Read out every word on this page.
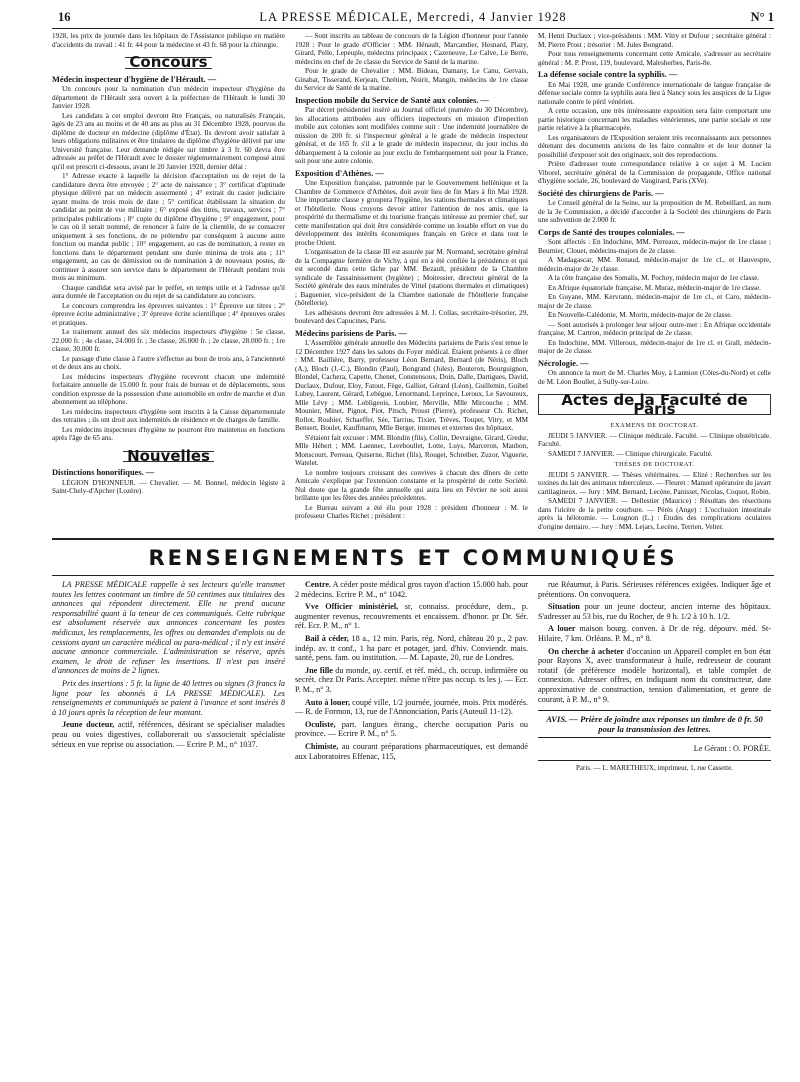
16	LA PRESSE MÉDICALE, Mercredi, 4 Janvier 1928	N° 1

1928, les prix de journée dans les hôpitaux de l'Assistance publique en matière d'accidents du travail : 41 fr. 44 pour la médecine et 43 fr. 68 pour la chirurgie.

Concours
Médecin inspecteur d'hygiène de l'Hérault. —

Un concours pour la nomination d'un médecin inspecteur d'hygiène du département de l'Hérault sera ouvert à la préfecture de l'Hérault le lundi 30 Janvier 1928.

Les candidats à cet emploi devront être Français, ou naturalisés Français, âgés de 23 ans au moins et de 40 ans au plus au 31 Décembre 1928, pourvus du diplôme de docteur en médecine (diplôme d'État). Ils devront avoir satisfait à leurs obligations militaires et être titulaires du diplôme d'hygiène délivré par une Université française. Leur demande rédigée sur timbre à 3 fr. 60 devra être adressée au préfet de l'Hérault avec le dossier réglementairement composé ainsi qu'il est prescrit ci-dessous, avant le 20 Janvier 1928, dernier délai :

1° Adresse exacte à laquelle la décision d'acceptation ou de rejet de la candidature devra être envoyée ; 2° acte de naissance ; 3° certificat d'aptitude physique délivré par un médecin assermenté ; 4° extrait du casier judiciaire ayant moins de trois mois de date ; 5° certificat établissant la situation du candidat au point de vue militaire ; 6° exposé des titres, travaux, services ; 7° principales publications ; 8° copie du diplôme d'hygiène ; 9° engagement, pour le cas où il serait nommé, de renoncer à faire de la clientèle, de se consacrer uniquement à ses fonctions, de ne prétendre par conséquent à aucune autre fonction ou mandat public ; 10° engagement, au cas de nomination, à rester en fonctions dans le département pendant une durée minima de trois ans ; 11° engagement, au cas de démission ou de nomination à de nouveaux postes, de continuer à assurer son service dans le département de l'Hérault pendant trois mois au minimum.

Chaque candidat sera avisé par le préfet, en temps utile et à l'adresse qu'il aura donnée de l'acceptation ou du rejet de sa candidature au concours.

Le concours comprendra les épreuves suivantes : 1° Épreuve sur titres ; 2° épreuve écrite administrative ; 3° épreuve écrite scientifique ; 4° épreuves orales et pratiques.

Le traitement annuel des six médecins inspecteurs d'hygiène : 5e classe, 22.000 fr. ; 4e classe, 24.000 fr. ; 3e classe, 26.000 fr. ; 2e classe, 28.000 fr. ; 1re classe, 30.000 fr.

Le passage d'une classe à l'autre s'effectue au bout de trois ans, à l'ancienneté et de deux ans au choix.

Les médecins inspecteurs d'hygiène recevront chacun une indemnité forfaitaire annuelle de 15.000 fr. pour frais de bureau et de déplacements, sous condition expresse de la possession d'une automobile en ordre de marche et d'un abonnement au téléphone.

Les médecins inspecteurs d'hygiène sont inscrits à la Caisse départementale des retraites ; ils ont droit aux indemnités de résidence et de charges de famille.

Les médecins inspecteurs d'hygiène ne pourront être maintenus en fonctions après l'âge de 65 ans.

Nouvelles
Distinctions honorifiques. —

LÉGION D'HONNEUR. — Chevalier. — M. Bonnel, médecin légiste à Saint-Chely-d'Apcher (Lozère).

— Sont inscrits au tableau de concours de la Légion d'honneur pour l'année 1928 : Pour le grade d'Officier : MM. Hénault, Marcandier, Hesnard, Plazy, Girard, Pelle, Lepeuple, médecins principaux ; Cazeneuve, Le Calve, Le Berre, médecins en chef de 2e classe du Service de Santé de la marine.

Pour le grade de Chevalier : MM. Bideau, Damany, Le Canu, Gervais, Ginabat, Tisserand, Kerjean, Chrétien, Noirit, Mangin, médecins de 1re classe du Service de Santé de la marine.

Inspection mobile du Service de Santé aux colonies. —

Par décret présidentiel inséré au Journal officiel (numéro du 30 Décembre), les allocations attribuées aux officiers inspecteurs en mission d'inspection mobile aux colonies sont modifiées comme suit : Une indemnité journalière de mission de 200 fr. si l'inspecteur général a le grade de médecin inspecteur général, et de 165 fr. s'il a le grade de médecin inspecteur, du jour inclus du débarquement à la colonie au jour exclu de l'embarquement soit pour la France, soit pour une autre colonie.

Exposition d'Athènes. —

Une Exposition française, patronnée par le Gouvernement hellénique et la Chambre de Commerce d'Athènes, doit avoir lieu de fin Mars à fin Mai 1928. Une importante classe y groupera l'hygiène, les stations thermales et climatiques et l'hôtellerie. Nous croyons devoir attirer l'attention de nos amis, que la prospérité du thermalisme et du tourisme français intéresse au premier chef, sur cette manifestation qui doit être considérée comme un louable effort en vue du développement des intérêts économiques français en Grèce et dans tout le proche Orient.

L'organisation de la classe III est assurée par M. Normand, secrétaire général de la Compagnie fermière de Vichy, à qui en a été confiée la présidence et qui est secondé dans cette tâche par MM. Bezault, président de la Chambre syndicale de l'assainissement (hygiène) ; Moitessier, directeur général de la Société générale des eaux minérales de Vittel (stations thermales et climatiques) ; Baguenier, vice-président de la Chambre nationale de l'hôtellerie française (hôtellerie).

Les adhésions devront être adressées à M. J. Collas, secrétaire-trésorier, 29, boulevard des Capucines, Paris.

Médecins parisiens de Paris. —

L'Assemblée générale annuelle des Médecins parisiens de Paris s'est tenue le 12 Décembre 1927 dans les salons du Foyer médical. Étaient présents à ce dîner : MM. Baillière, Barry, professeur Léon Bernard, Bernard (de Néris), Bloch (A.), Bloch (J.-C.), Blondin (Paul), Bongrand (Jules), Bouteron, Bourguignon, Blondel, Cachera, Capette, Chenet, Constensoux, Doin, Dalle, Dartigues, David, Duclaux, Dufour, Eloy, Fatout, Fège, Galliot, Gérard (Léon), Guillemin, Guibel Lubey, Laurent, Gérard, Lebègue, Lenormand, Leprince, Leroux, Le Savoureux, Mlle Lévy ; MM. Lobligeois, Loubier, Merville, Mlle Mircouche ; MM. Mounier, Minet, Pignot, Piot, Pitsch, Proust (Pierre), professeur Ch. Richet, Rollot, Rouhier, Schaeffer, Sée, Tarrius, Tixier, Trèves, Toupet, Vitry, et MM Bensert, Boulet, Kauffmann, Mlle Berger, internes et externes des hôpitaux.

S'étaient fait excuser : MM. Blondin (fils), Collin, Devraigne, Girard, Gredsr, Mlle Hébert ; MM. Laennec, Lereboullet, Lotte, Luys, Marceron, Maubon, Monscourt, Perreau, Quiserne, Richet (fils), Rouget, Schreiber, Zuzor, Viguerie, Watelet.

Le nombre toujours croissant des convives à chacun des dîners de cette Amicale s'explique par l'extension constante et la prospérité de cette Société. Nul doute que la grande fête annuelle qui aura lieu en Février ne soit aussi brillante que les fêtes des années précédentes.

Le Bureau suivant a été élu pour 1928 : président d'honneur : M. le professeur Charles Richet ; président :

M. Henri Duclaux ; vice-présidents : MM. Vitry et Dufour ; secrétaire général : M. Pierre Prost ; trésorier : M. Jules Bongrand.

Pour tous renseignements concernant cette Amicale, s'adresser au secrétaire général : M. P. Prost, 119, boulevard, Malesherbes, Paris-8e.

La défense sociale contre la syphilis. —

En Mai 1928, une grande Conférence internationale de langue française de défense sociale contre la syphilis aura lieu à Nancy sous les auspices de la Ligue nationale contre le péril vénérien.

A cette occasion, une très intéressante exposition sera faite comportant une partie historique concernant les maladies vénériennes, une partie sociale et une partie relative à la pharmacopée.

Les organisateurs de l'Exposition seraient très reconnaissants aux personnes détenant des documents anciens de les faire connaître et de leur donner la possibilité d'exposer soit des originaux, soit des reproductions.

Prière d'adresser toute correspondance relative à ce sujet à M. Lucien Viborel, secrétaire général de la Commission de propagande, Office national d'hygiène sociale, 26, boulevard de Vaugirard, Paris (XVe).

Société des chirurgiens de Paris. —

Le Conseil général de la Seine, sur la proposition de M. Rebeillard, au nom de la 3e Commission, a décidé d'accorder à la Société des chirurgiens de Paris une subvention de 2.000 fr.

Corps de Santé des troupes coloniales. —

Sont affectés : En Indochine, MM. Perreaux, médecin-major de 1re classe ; Beurnier, Clouet, médecins-majors de 2e classe.

A Madagascar, MM. Renaud, médecin-major de 1re cl., et Hauvespre, médecin-major de 2e classe.

A la côte française des Somalis, M. Pochoy, médecin major de 1re classe.

En Afrique équatoriale française, M. Muraz, médecin-major de 1re classe.

En Guyane, MM. Kervrann, médecin-major de 1re cl., et Caro, médecin-major de 2e classe.

En Nouvelle-Calédonie, M. Morin, médecin-major de 2e classe.

— Sont autorisés à prolonger leur séjour outre-mer : En Afrique occidentale française, M. Cartron, médecin principal de 2e classe.

En Indochine, MM. Villeroux, médecin-major de 1re cl. et Grall, médecin-major de 2e classe.

Nécrologie. —

On annonce la mort de M. Charles Moy, à Lannion (Côtes-du-Nord) et celle de M. Léon Boullet, à Sully-sur-Loire.

Actes de la Faculté de Paris
EXAMENS DE DOCTORAT.

JEUDI 5 JANVIER. — Clinique médicale. Faculté. — Clinique obstétricale. Faculté.

SAMEDI 7 JANVIER. — Clinique chirurgicale. Faculté.

THÈSES DE DOCTORAT.

JEUDI 5 JANVIER. — Thèses vétérinaires. — Elizé : Recherches sur les toxines du lait des animaux tuberculeux. — Fleuret : Manuel opératoire du javart cartilagineux. — Jury : MM. Bernard, Lecène, Panisset, Nicolas, Coquot, Robin.

SAMEDI 7 JANVIER. — Dellestier (Maurice) : Résultats des résections dans l'ulcère de la petite courbure. — Pérès (Ange) : L'occlusion intestinale après la hélotomie. — Lougnon (L.) : Études des complications oculaires d'origine dentaire. — Jury : MM. Lejars, Lecène, Terrien, Velter.

RENSEIGNEMENTS ET COMMUNIQUÉS

LA PRESSE MÉDICALE rappelle à ses lecteurs qu'elle transmet toutes les lettres contenant un timbre de 50 centimes aux titulaires des annonces qui répondent directement. Elle ne prend aucune responsabilité quant à la teneur de ces communiqués. Cette rubrique est absolument réservée aux annonces concernant les postes médicaux, les remplacements, les offres ou demandes d'emplois ou de cessions ayant un caractère médical ou para-médical ; il n'y est inséré aucune annonce commerciale. L'administration se réserve, après examen, le droit de refuser les insertions. Il n'est pas inséré d'annonces de moins de 2 lignes.

Prix des insertions : 5 fr. la ligne de 40 lettres ou signes (3 francs la ligne pour les abonnés à LA PRESSE MÉDICALE). Les renseignements et communiqués se paient à l'avance et sont insérés 8 à 10 jours après la réception de leur montant.

Jeune docteur, actif, références, désirant se spécialiser maladies peau ou voies digestives, collaborerait ou s'associerait spécialiste sérieux en vue reprise ou association. — Ecrire P. M., n° 1037.

Centre. A céder poste médical gros rayon d'action 15.000 hab. pour 2 médecins. Ecrire P. M., n° 1042.

Vve Officier ministériel, sr, connaiss. procédure, dem., p. augmenter revenus, recouvrements et encaissem. d'honor. pr Dr. Sér. réf. Ecr. P. M., n° 1.

Bail à céder, 18 a., 12 min. Paris, rég. Nord, château 20 p., 2 pav. indép. av. tt conf., 1 ha parc et potager, jard. d'hiv. Conviendr. mais. santé, pens. fam. ou institution. — M. Lapaste, 20, rue de Londres.

Jne fille du monde, ay. certif. et réf. méd., ch. occup. infirmière ou secrét. chez Dr Paris. Accepter. même n'être pas occup. ts les j. — Ecr. P. M., n° 3.

Auto à louer, coupé ville, 1/2 journée, journée, mois. Prix modérés. — R. de Formon, 13, rue de l'Annonciation, Paris (Auteuil 11-12).

Oculiste, part. langues étrang., cherche occupation Paris ou province. — Ecrire P. M., n° 5.

Chimiste, au courant préparations pharmaceutiques, est demandé aux Laboratoires Effenac, 115,

rue Réaumur, à Paris. Sérieuses références exigées. Indiquer âge et prétentions. On convoquera.

Situation pour un jeune docteur, ancien interne des hôpitaux. S'adresser au 53 bis, rue du Rocher, de 9 h. 1/2 à 10 h. 1/2.

A louer maison bourg. conven. à Dr de rég. dépourv. méd. St-Hilaire, 7 km. Orléans. P. M., n° 8.

On cherche à acheter d'occasion un Appareil complet en bon état pour Rayons X, avec transformateur à huile, redresseur de courant rotatif (de préférence modèle horizontal), et table complet de connexion. Adresser offres, en indiquant nom du constructeur, date approximative de construction, tension d'alimentation, et genre de courant, à P. M., n° 9.

AVIS. — Prière de joindre aux réponses un timbre de 0 fr. 50 pour la transmission des lettres.
Le Gérant : O. PORÉE.
Paris. — L. MARETHEUX, imprimeur, 1, rue Cassette.
